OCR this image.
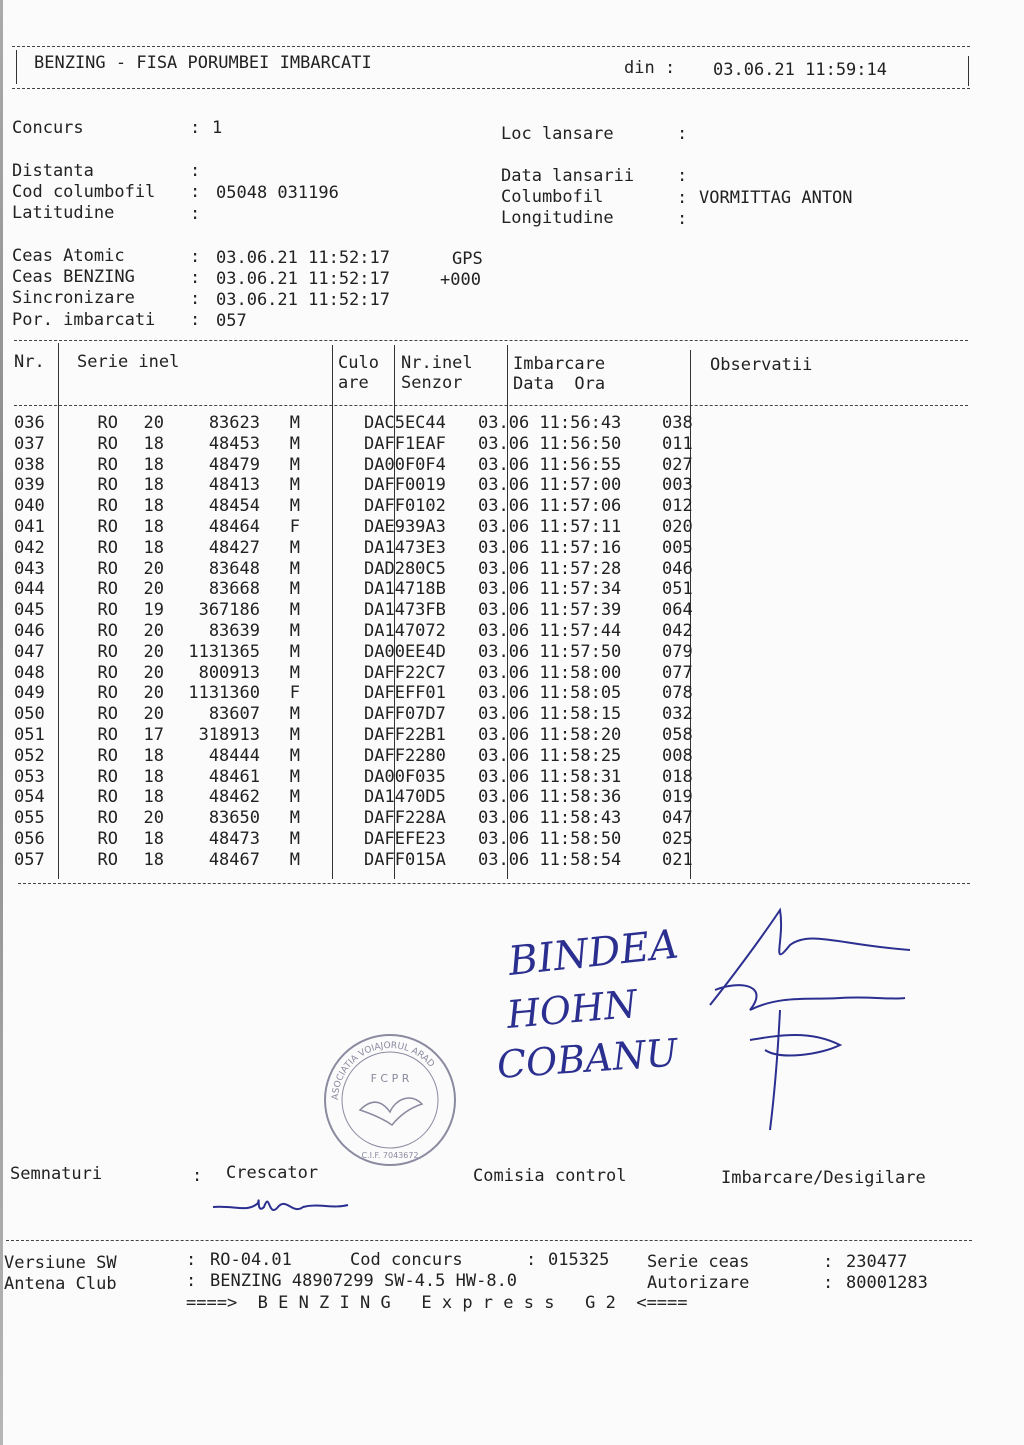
BENZING - FISA PORUMBEI IMBARCATI	din : 03.06.21 11:59:14
Concurs	: 1	Loc lansare	:
Distanta	:	Data lansarii	:
Cod columbofil : 05048 031196	Columbofil	: VORMITTAG ANTON
Latitudine	:	Longitudine	:
Ceas Atomic	: 03.06.21 11:52:17	GPS
Ceas BENZING	: 03.06.21 11:52:17	+000
Sincronizare	: 03.06.21 11:52:17
Por. imbarcati : 057
Nr. Serie inel	Culo
are
Nr.inel
Senzor
Imbarcare
Data  Ora
Observatii
036	RO	20	83623	M		DAC5EC44	03.06 11:56:43	038
037	RO	18	48453	M		DAFF1EAF	03.06 11:56:50	011
038	RO	18	48479	M		DA00F0F4	03.06 11:56:55	027
039	RO	18	48413	M		DAFF0019	03.06 11:57:00	003
040	RO	18	48454	M		DAFF0102	03.06 11:57:06	012
041	RO	18	48464	F		DAE939A3	03.06 11:57:11	020
042	RO	18	48427	M		DA1473E3	03.06 11:57:16	005
043	RO	20	83648	M		DAD280C5	03.06 11:57:28	046
044	RO	20	83668	M		DA14718B	03.06 11:57:34	051
045	RO	19	367186	M		DA1473FB	03.06 11:57:39	064
046	RO	20	83639	M		DA147072	03.06 11:57:44	042
047	RO	20	1131365	M		DA00EE4D	03.06 11:57:50	079
048	RO	20	800913	M		DAFF22C7	03.06 11:58:00	077
049	RO	20	1131360	F		DAFEFF01	03.06 11:58:05	078
050	RO	20	83607	M		DAFF07D7	03.06 11:58:15	032
051	RO	17	318913	M		DAFF22B1	03.06 11:58:20	058
052	RO	18	48444	M		DAFF2280	03.06 11:58:25	008
053	RO	18	48461	M		DA00F035	03.06 11:58:31	018
054	RO	18	48462	M		DA1470D5	03.06 11:58:36	019
055	RO	20	83650	M		DAFF228A	03.06 11:58:43	047
056	RO	18	48473	M		DAFEFE23	03.06 11:58:50	025
057	RO	18	48467	M		DAFF015A	03.06 11:58:54	021
BINDEA
HOHN
COBANU
ASOCIATIA VOIAJORUL ARAD
F C P R
C.I.F. 7043672
Semnaturi	: Crescator	Comisia control	Imbarcare/Desigilare
Versiune SW	: RO-04.01	Cod concurs	: 015325 Serie ceas	: 230477
Antena Club	: BENZING 48907299 SW-4.5 HW-8.0	Autorizare	: 80001283
====>  B E N Z I N G   E x p r e s s   G 2  <====
